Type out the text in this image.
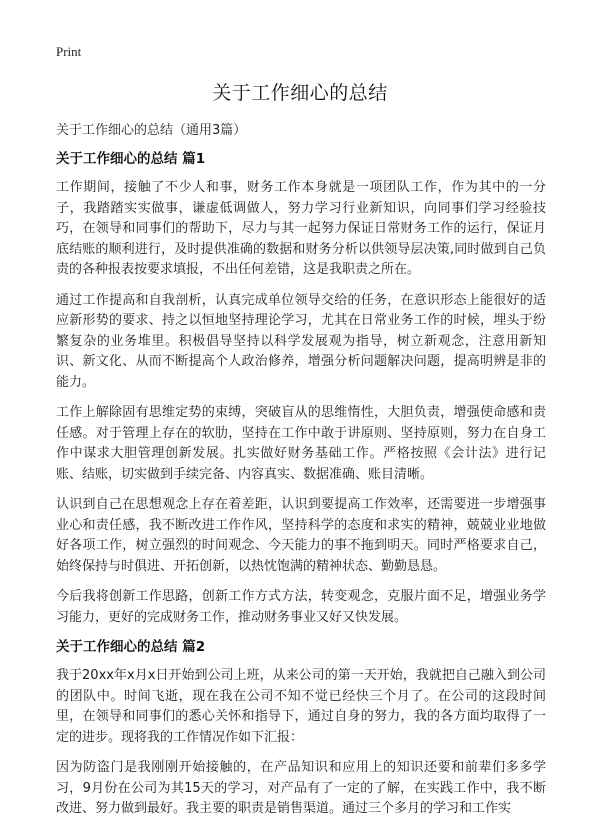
Print
关于工作细心的总结

关于工作细心的总结（通用3篇）

关于工作细心的总结 篇1

工作期间，接触了不少人和事，财务工作本身就是一项团队工作，作为其中的一分子，我踏踏实实做事，谦虚低调做人，努力学习行业新知识，向同事们学习经验技巧，在领导和同事们的帮助下，尽力与其一起努力保证日常财务工作的运行，保证月底结账的顺利进行，及时提供准确的数据和财务分析以供领导层决策,同时做到自己负责的各种报表按要求填报，不出任何差错，这是我职责之所在。

通过工作提高和自我剖析，认真完成单位领导交给的任务，在意识形态上能很好的适应新形势的要求、持之以恒地坚持理论学习，尤其在日常业务工作的时候，埋头于纷繁复杂的业务堆里。积极倡导坚持以科学发展观为指导，树立新观念，注意用新知识、新文化、从而不断提高个人政治修养，增强分析问题解决问题，提高明辨是非的能力。

工作上解除固有思维定势的束缚，突破盲从的思维惰性，大胆负责，增强使命感和责任感。对于管理上存在的软肋，坚持在工作中敢于讲原则、坚持原则，努力在自身工作中谋求大胆管理创新发展。扎实做好财务基础工作。严格按照《会计法》进行记账、结账，切实做到手续完备、内容真实、数据准确、账目清晰。

认识到自己在思想观念上存在着差距，认识到要提高工作效率，还需要进一步增强事业心和责任感，我不断改进工作作风，坚持科学的态度和求实的精神，兢兢业业地做好各项工作，树立强烈的时间观念、今天能力的事不拖到明天。同时严格要求自己，始终保持与时俱进、开拓创新，以热忱饱满的精神状态、勤勤恳恳。

今后我将创新工作思路，创新工作方式方法，转变观念，克服片面不足，增强业务学习能力，更好的完成财务工作，推动财务事业又好又快发展。

关于工作细心的总结 篇2

我于20xx年x月x日开始到公司上班，从来公司的第一天开始，我就把自己融入到公司的团队中。时间飞逝，现在我在公司不知不觉已经快三个月了。在公司的这段时间里，在领导和同事们的悉心关怀和指导下，通过自身的努力，我的各方面均取得了一定的进步。现将我的工作情况作如下汇报：

因为防盗门是我刚刚开始接触的，在产品知识和应用上的知识还要和前辈们多多学习，9月份在公司为其15天的学习，对产品有了一定的了解，在实践工作中，我不断改进、努力做到最好。我主要的职责是销售渠道。通过三个多月的学习和工作实
